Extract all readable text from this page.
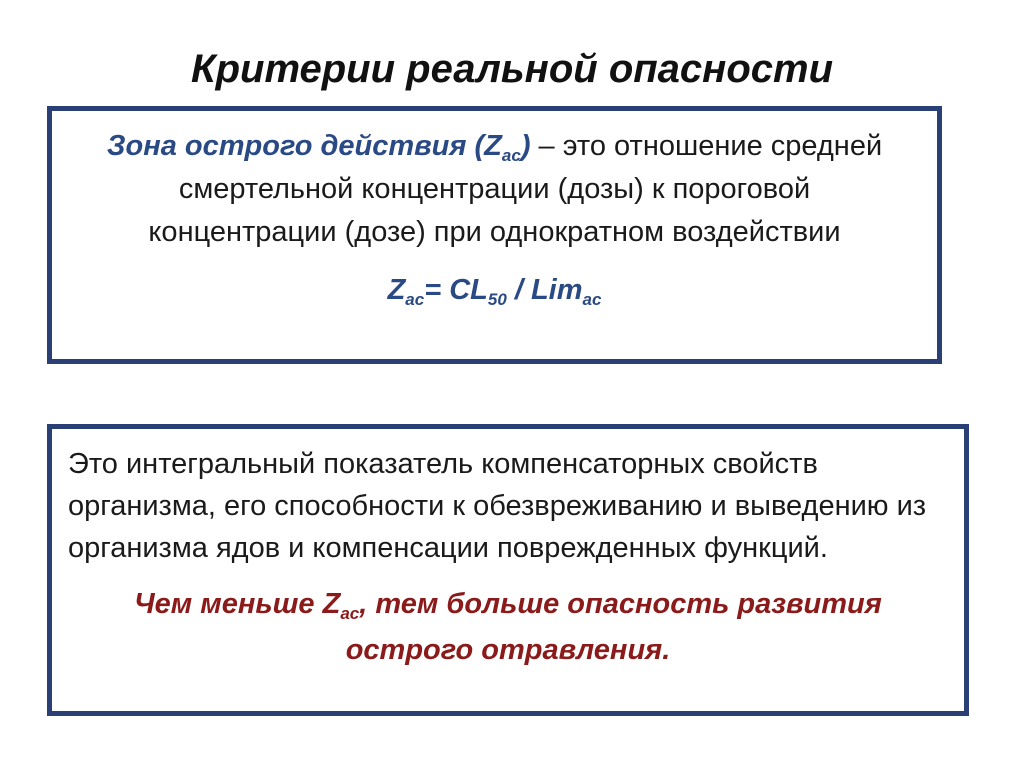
Критерии реальной опасности
Зона острого действия $(Z_{ac})$ – это отношение средней смертельной концентрации (дозы) к пороговой концентрации (дозе) при однократном воздействии
$Z_{ac}= CL_{50} / Lim_{ac}$
Это интегральный показатель компенсаторных свойств организма, его способности к обезвреживанию и выведению из организма ядов и компенсации поврежденных функций.
Чем меньше $Z_{ac}$, тем больше опасность развития острого отравления.
